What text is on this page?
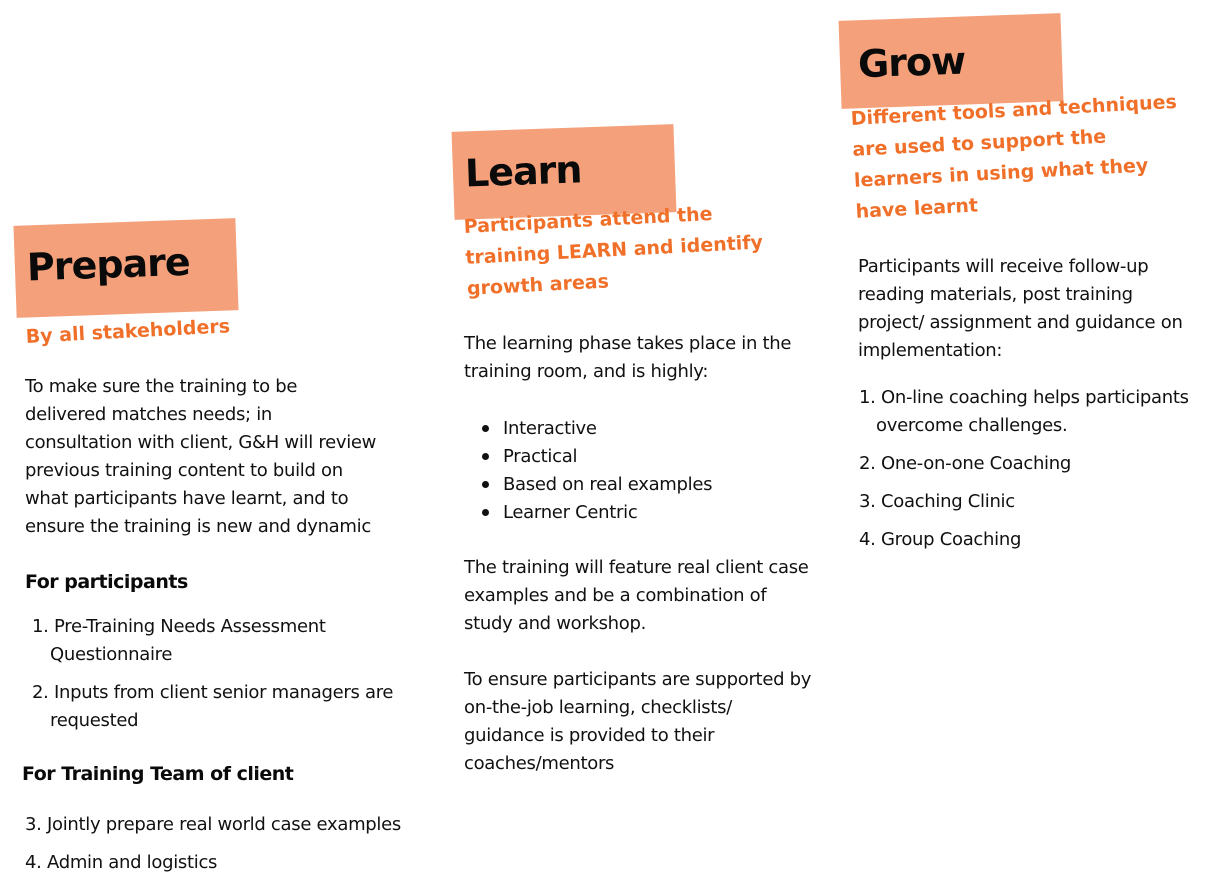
Prepare
By all stakeholders

To make sure the training to be

delivered matches needs; in

consultation with client, G&H will review

previous training content to build on

what participants have learnt, and to

ensure the training is new and dynamic

For participants
1. Pre-Training Needs Assessment
Questionnaire
2. Inputs from client senior managers are
requested
For Training Team of client
3. Jointly prepare real world case examples
4. Admin and logistics
Learn
Participants attend the
training LEARN and identify
growth areas

The learning phase takes place in the

training room, and is highly:

Interactive
Practical
Based on real examples
Learner Centric

The training will feature real client case

examples and be a combination of

study and workshop.

To ensure participants are supported by

on-the-job learning, checklists/

guidance is provided to their

coaches/mentors

Grow
Different tools and techniques
are used to support the
learners in using what they
have learnt

Participants will receive follow-up

reading materials, post training

project/ assignment and guidance on

implementation:

1. On-line coaching helps participants
overcome challenges.
2. One-on-one Coaching
3. Coaching Clinic
4. Group Coaching
